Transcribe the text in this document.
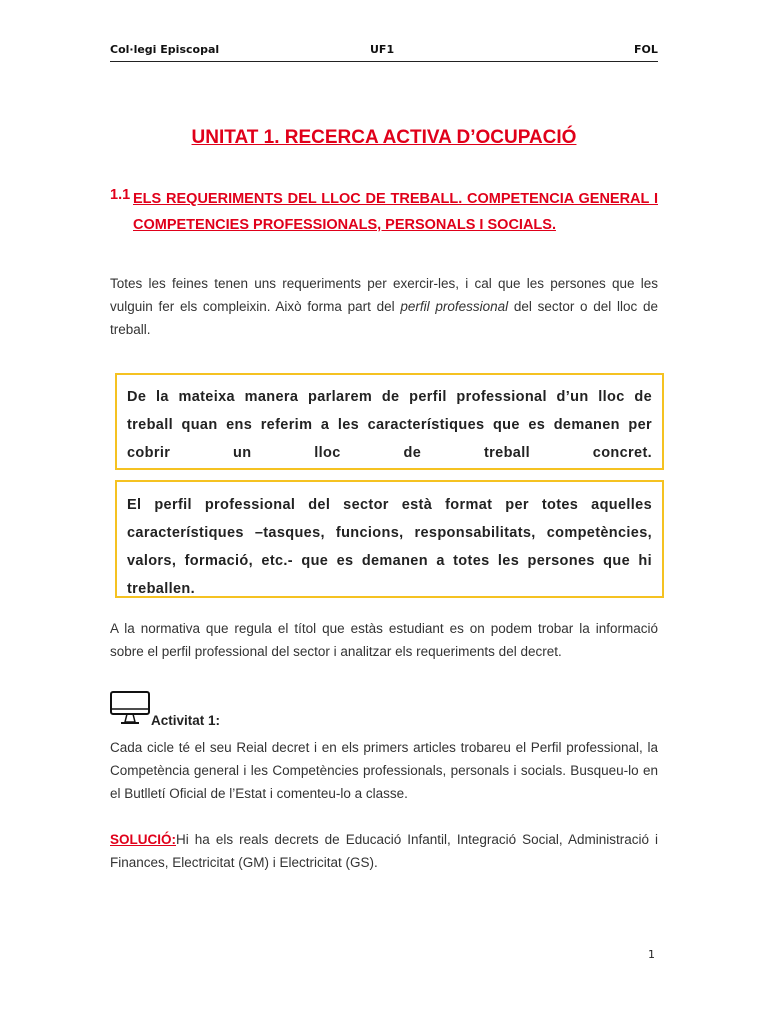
Col·legi Episcopal	UF1	FOL
UNITAT 1. RECERCA ACTIVA D’OCUPACIÓ
1.1 ELS REQUERIMENTS DEL LLOC DE TREBALL. COMPETENCIA GENERAL I COMPETENCIES PROFESSIONALS, PERSONALS I SOCIALS.
Totes les feines tenen uns requeriments per exercir-les, i cal que les persones que les vulguin fer els compleixin. Això forma part del perfil professional del sector o del lloc de treball.
De la mateixa manera parlarem de perfil professional d’un lloc de treball quan ens referim a les característiques que es demanen per cobrir un lloc de treball concret.
El perfil professional del sector està format per totes aquelles característiques –tasques, funcions, responsabilitats, competències, valors, formació, etc.- que es demanen a totes les persones que hi treballen.
A la normativa que regula el títol que estàs estudiant es on podem trobar la informació sobre el perfil professional del sector i analitzar els requeriments del decret.
Activitat 1:
Cada cicle té el seu Reial decret i en els primers articles trobareu el Perfil professional, la Competència general i les Competències professionals, personals i socials. Busqueu-lo en el Butlletí Oficial de l’Estat i comenteu-lo a classe.
SOLUCIÓ:Hi ha els reals decrets de Educació Infantil, Integració Social, Administració i Finances, Electricitat (GM) i Electricitat (GS).
1
